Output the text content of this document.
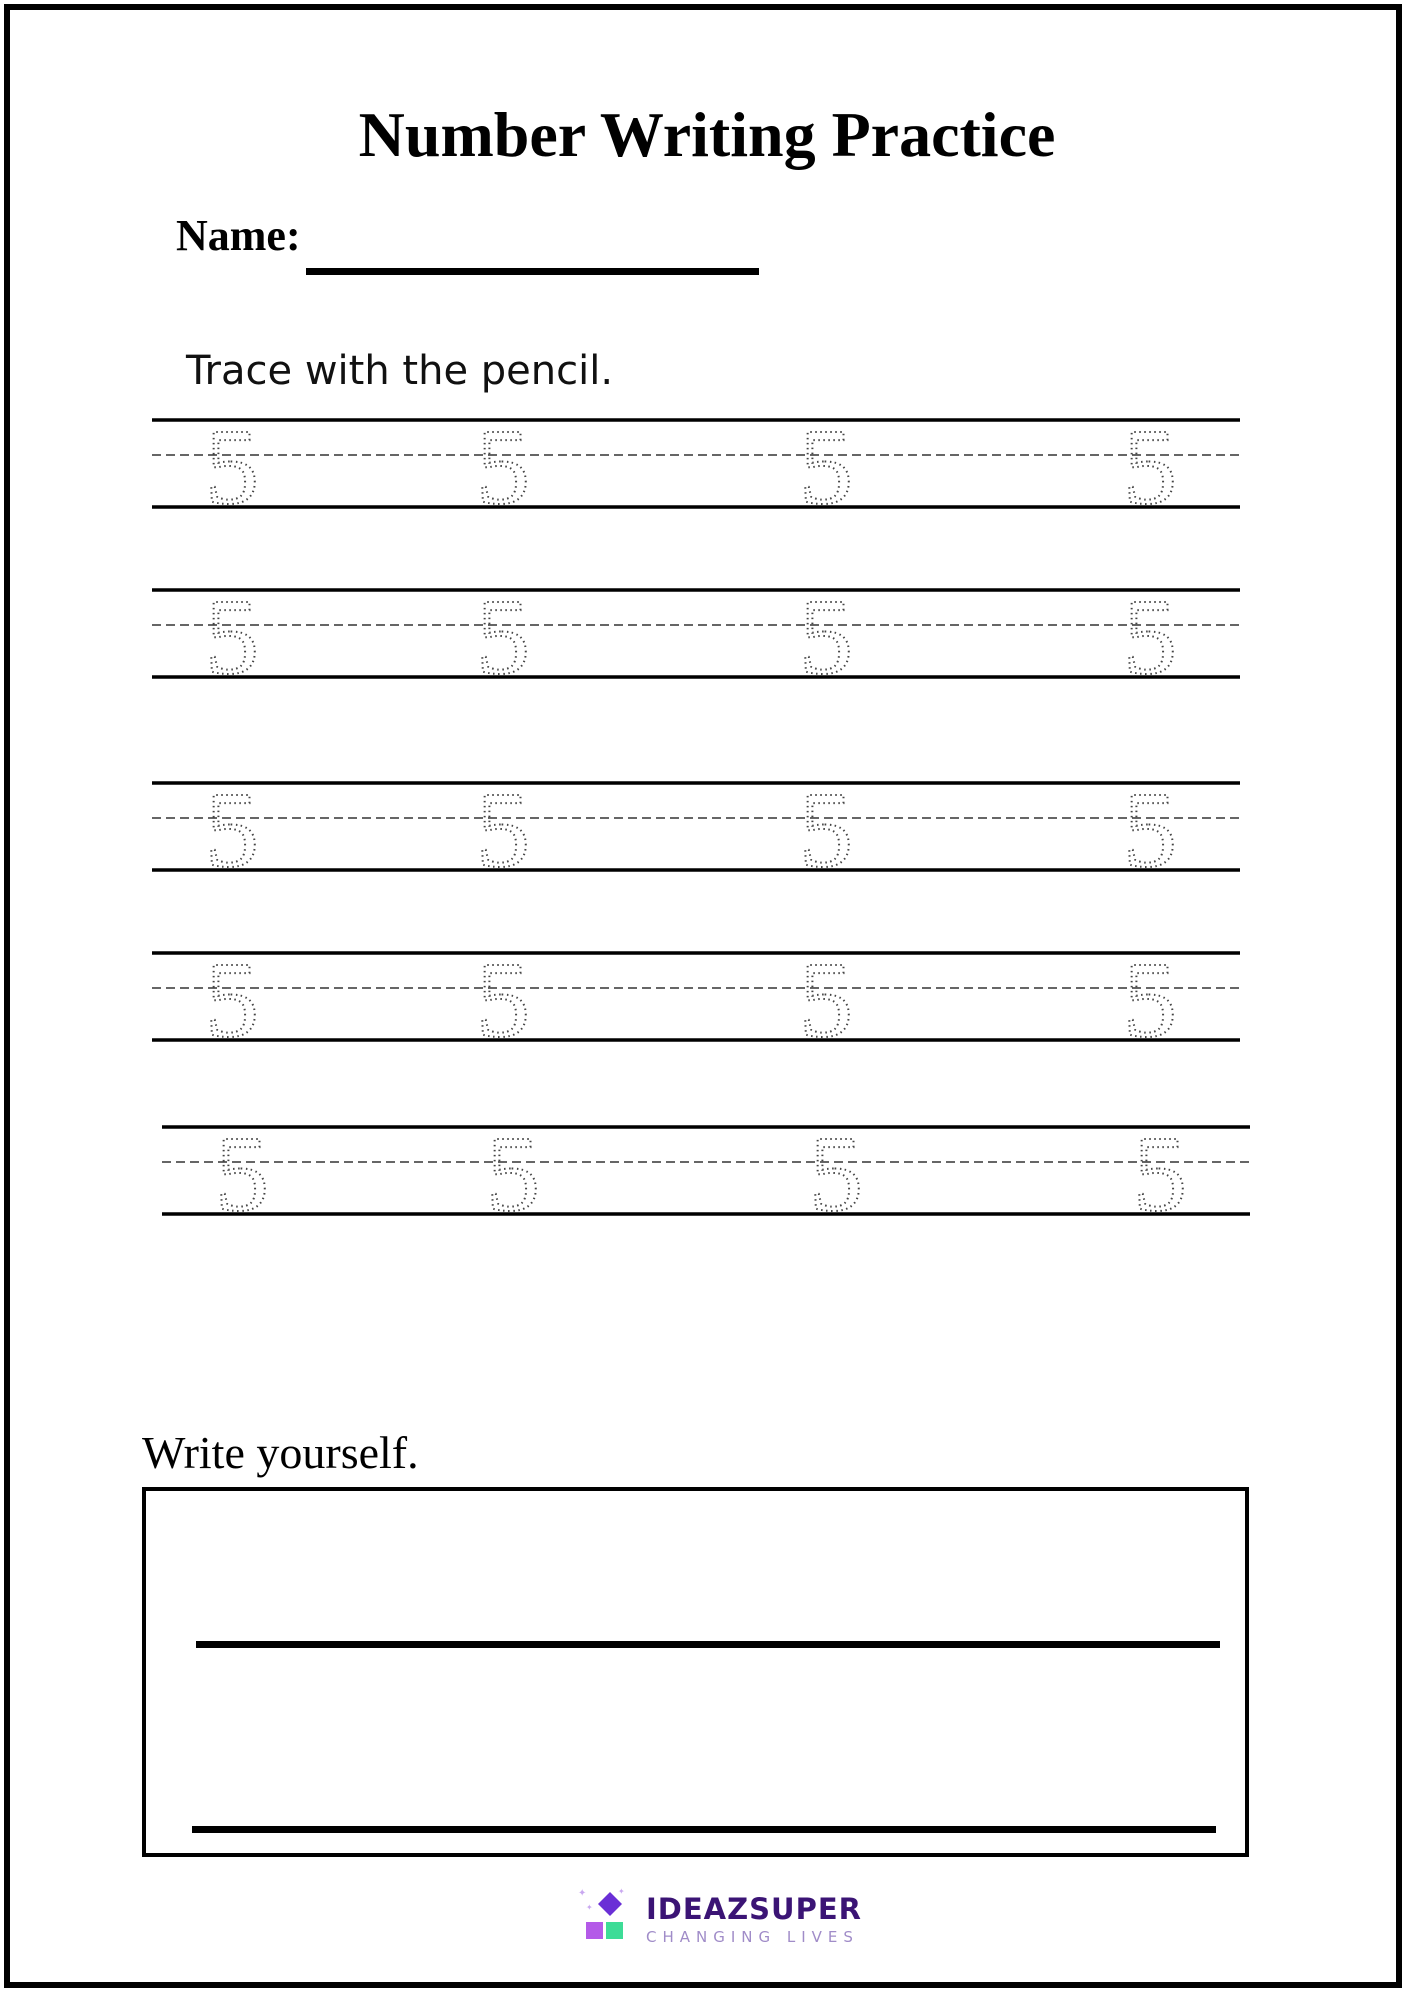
Number Writing Practice
Name:
Trace with the pencil.
5 5 5	5
5 5 5	5
5 5 5	5
5 5 5	5
5 5 5	5
Write yourself.
✦
✦
✦
IDEAZSUPER
CHANGING LIVES
